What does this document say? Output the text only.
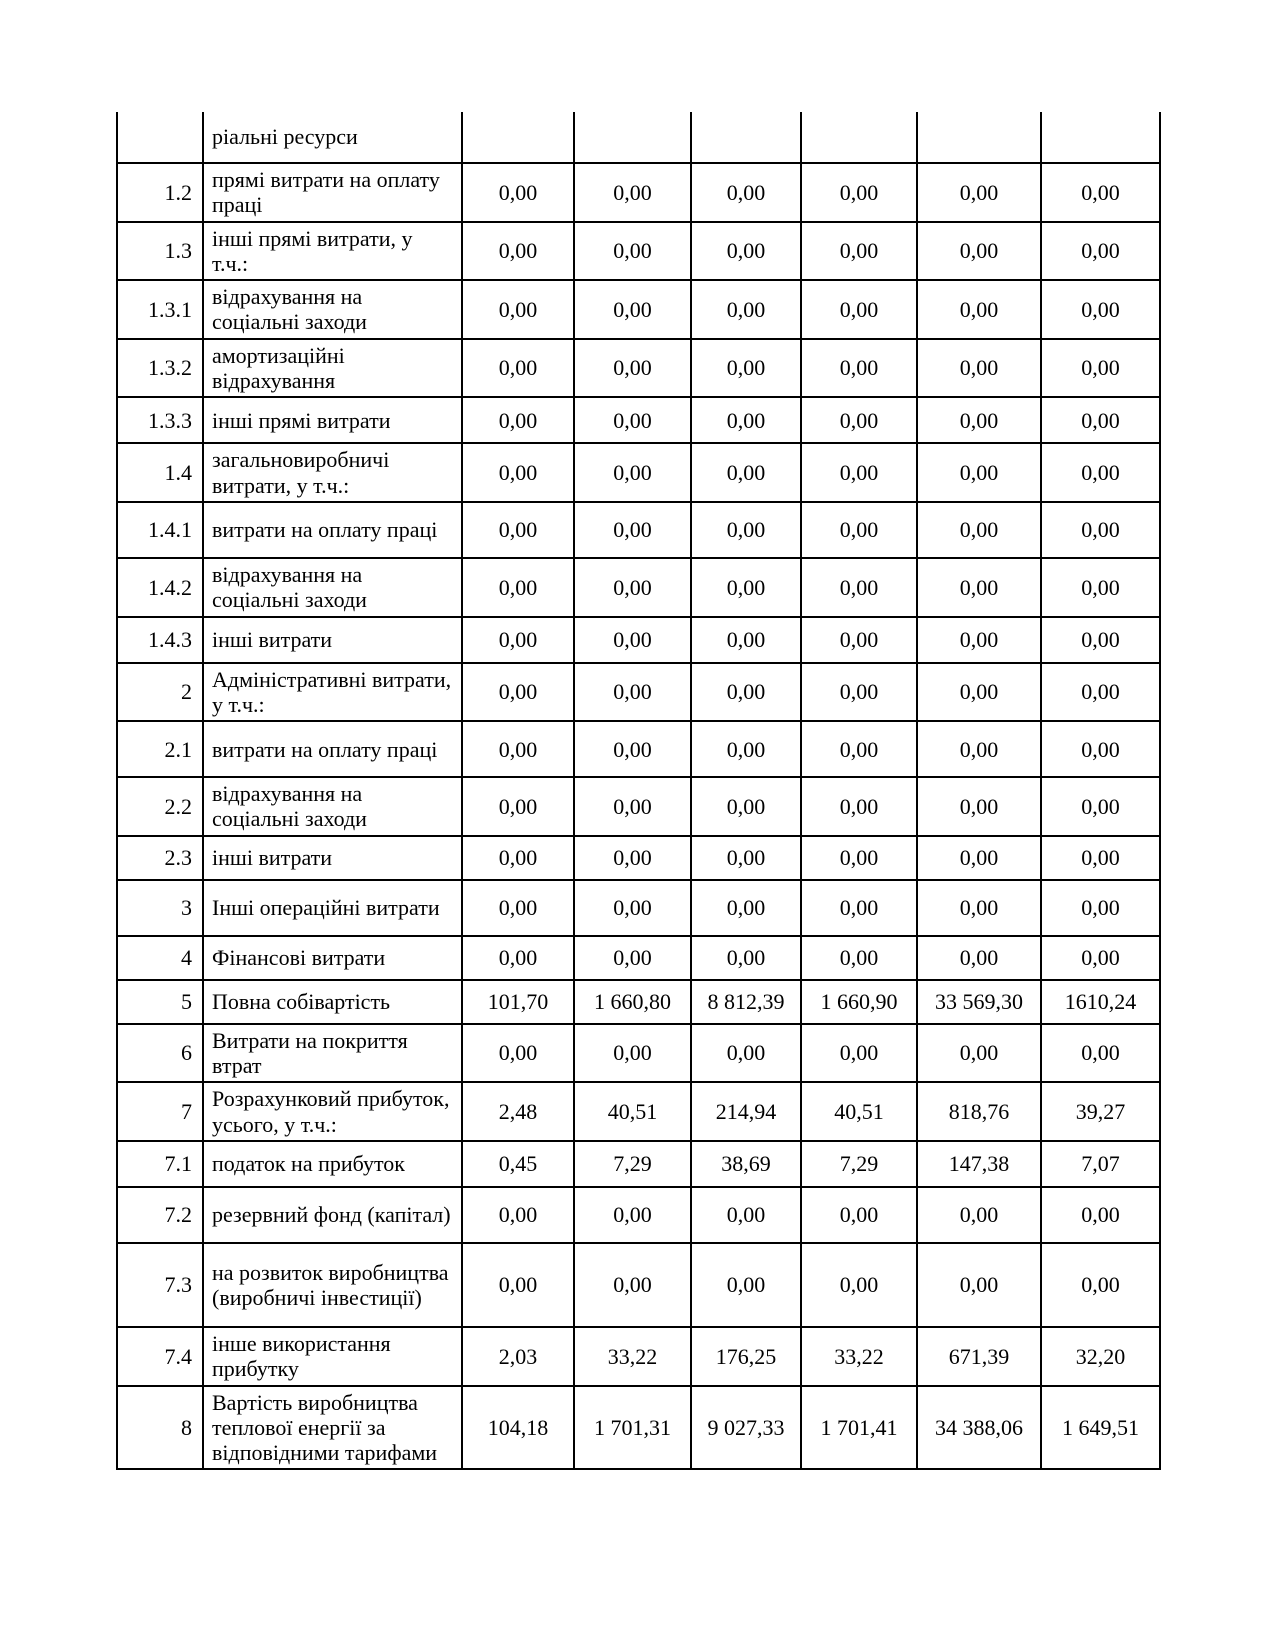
	ріальні ресурси						
1.2	прямі витрати на оплату праці	0,00	0,00	0,00	0,00	0,00	0,00
1.3	інші прямі витрати, у т.ч.:	0,00	0,00	0,00	0,00	0,00	0,00
1.3.1	відрахування на соціальні заходи	0,00	0,00	0,00	0,00	0,00	0,00
1.3.2	амортизаційні відрахування	0,00	0,00	0,00	0,00	0,00	0,00
1.3.3	інші прямі витрати	0,00	0,00	0,00	0,00	0,00	0,00
1.4	загальновиробничі витрати, у т.ч.:	0,00	0,00	0,00	0,00	0,00	0,00
1.4.1	витрати на оплату праці	0,00	0,00	0,00	0,00	0,00	0,00
1.4.2	відрахування на соціальні заходи	0,00	0,00	0,00	0,00	0,00	0,00
1.4.3	інші витрати	0,00	0,00	0,00	0,00	0,00	0,00
2	Адміністративні витрати, у т.ч.:	0,00	0,00	0,00	0,00	0,00	0,00
2.1	витрати на оплату праці	0,00	0,00	0,00	0,00	0,00	0,00
2.2	відрахування на соціальні заходи	0,00	0,00	0,00	0,00	0,00	0,00
2.3	інші витрати	0,00	0,00	0,00	0,00	0,00	0,00
3	Інші операційні витрати	0,00	0,00	0,00	0,00	0,00	0,00
4	Фінансові витрати	0,00	0,00	0,00	0,00	0,00	0,00
5	Повна собівартість	101,70	1 660,80	8 812,39	1 660,90	33 569,30	1610,24
6	Витрати на покриття втрат	0,00	0,00	0,00	0,00	0,00	0,00
7	Розрахунковий прибуток, усього, у т.ч.:	2,48	40,51	214,94	40,51	818,76	39,27
7.1	податок на прибуток	0,45	7,29	38,69	7,29	147,38	7,07
7.2	резервний фонд (капітал)	0,00	0,00	0,00	0,00	0,00	0,00
7.3	на розвиток виробництва (виробничі інвестиції)	0,00	0,00	0,00	0,00	0,00	0,00
7.4	інше використання прибутку	2,03	33,22	176,25	33,22	671,39	32,20
8	Вартість виробництва теплової енергії за відповідними тарифами	104,18	1 701,31	9 027,33	1 701,41	34 388,06	1 649,51
